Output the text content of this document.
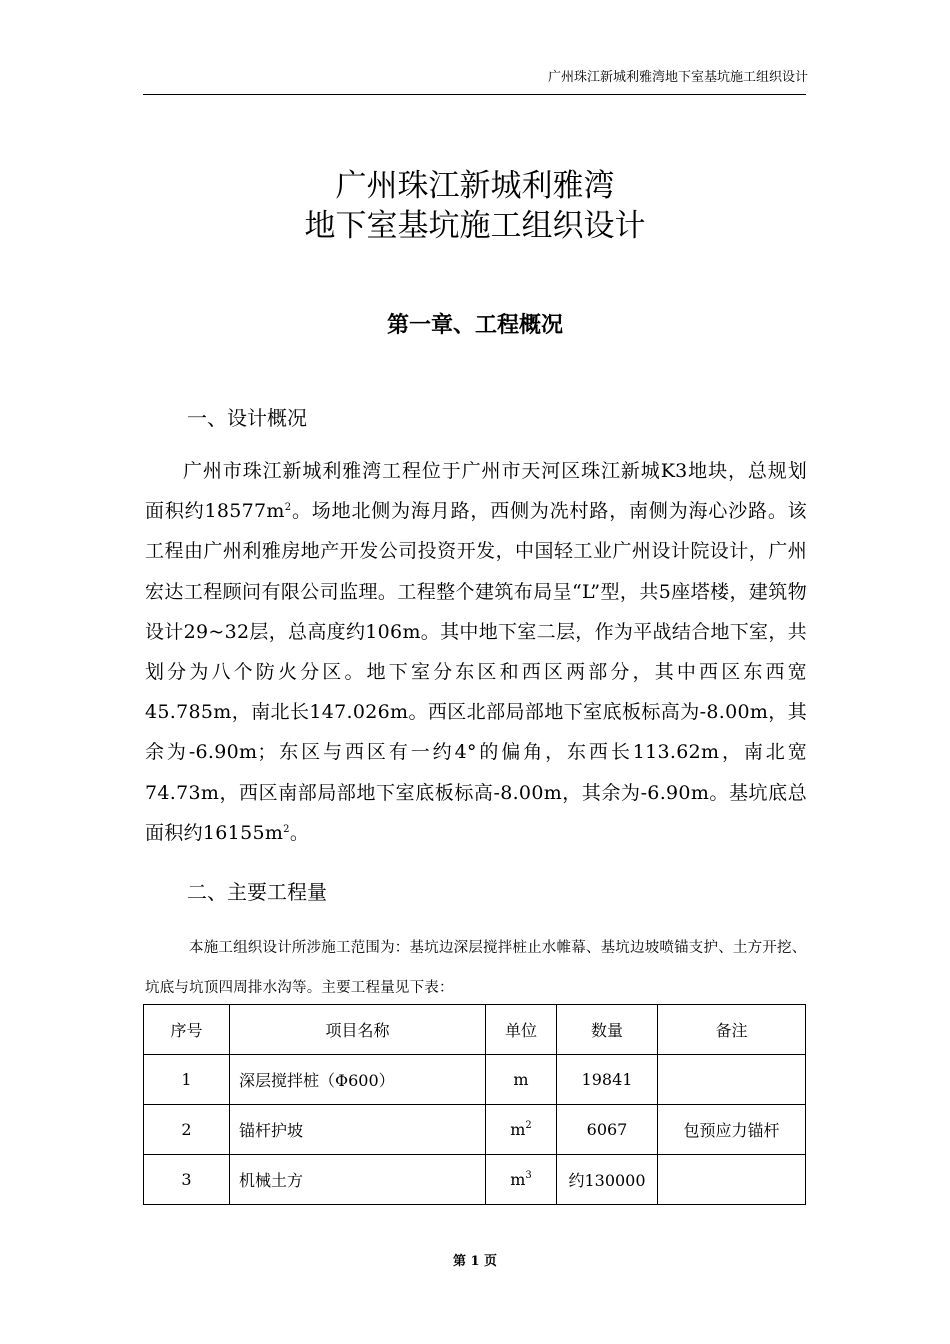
广州珠江新城利雅湾地下室基坑施工组织设计
广州珠江新城利雅湾
地下室基坑施工组织设计
第一章、工程概况
一、设计概况
广州市珠江新城利雅湾工程位于广州市天河区珠江新城K3地块，总规划面积约$18577m^2$。场地北侧为海月路，西侧为冼村路，南侧为海心沙路。该工程由广州利雅房地产开发公司投资开发，中国轻工业广州设计院设计，广州宏达工程顾问有限公司监理。工程整个建筑布局呈“L”型，共5座塔楼，建筑物设计29~32层，总高度约106m。其中地下室二层，作为平战结合地下室，共划分为八个防火分区。地下室分东区和西区两部分，其中西区东西宽45.785m，南北长147.026m。西区北部局部地下室底板标高为-8.00m，其余为-6.90m；东区与西区有一约4°的偏角，东西长113.62m，南北宽74.73m，西区南部局部地下室底板标高-8.00m，其余为-6.90m。基坑底总面积约$16155m^2$。
二、主要工程量
本施工组织设计所涉施工范围为：基坑边深层搅拌桩止水帷幕、基坑边坡喷锚支护、土方开挖、坑底与坑顶四周排水沟等。主要工程量见下表：
序号	项目名称	单位	数量	备注
1	深层搅拌桩（Φ600）	m	19841	
2	锚杆护坡	$m^2$	6067	包预应力锚杆
3	机械土方	$m^3$	约130000	
第 1 页
